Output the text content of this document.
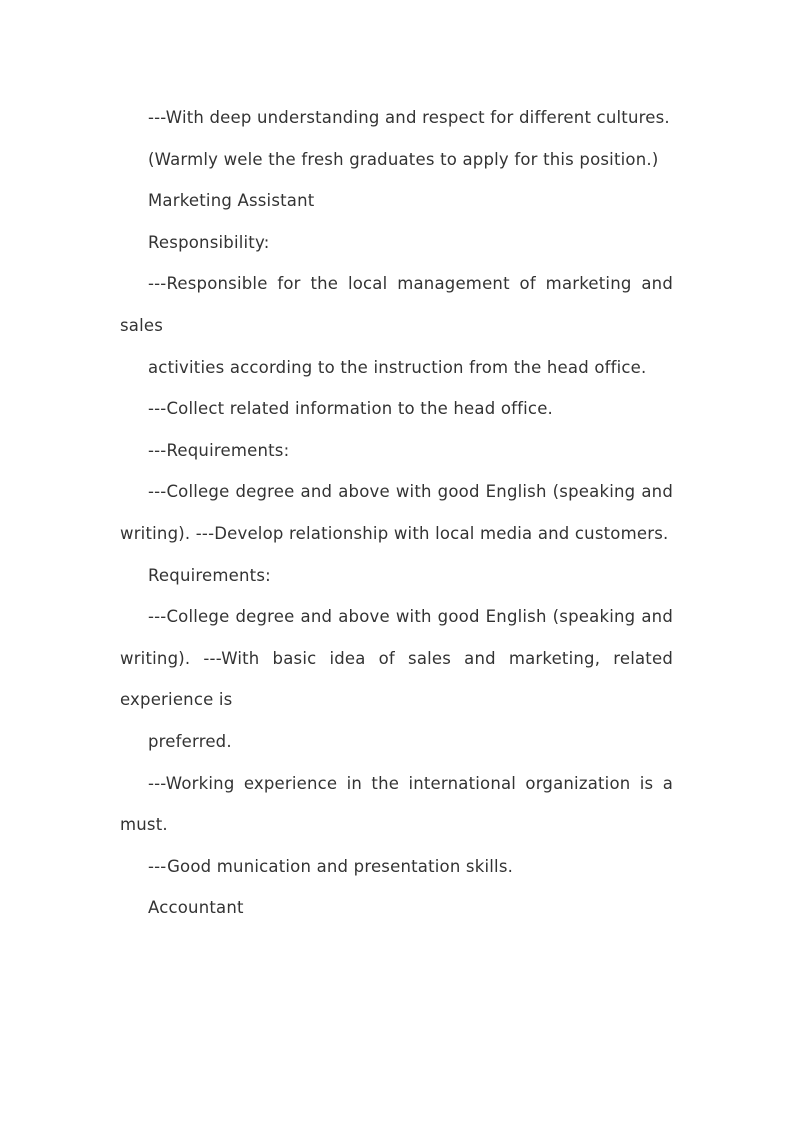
---With deep understanding and respect for different cultures.

(Warmly wele the fresh graduates to apply for this position.)

Marketing Assistant

Responsibility:

---Responsible for the local management of marketing and sales

activities according to the instruction from the head office.

---Collect related information to the head office.

---Requirements:

---College degree and above with good English (speaking and writing). ---Develop relationship with local media and customers.

Requirements:

---College degree and above with good English (speaking and writing). ---With basic idea of sales and marketing, related experience is

preferred.

---Working experience in the international organization is a must.

---Good munication and presentation skills.

Accountant
